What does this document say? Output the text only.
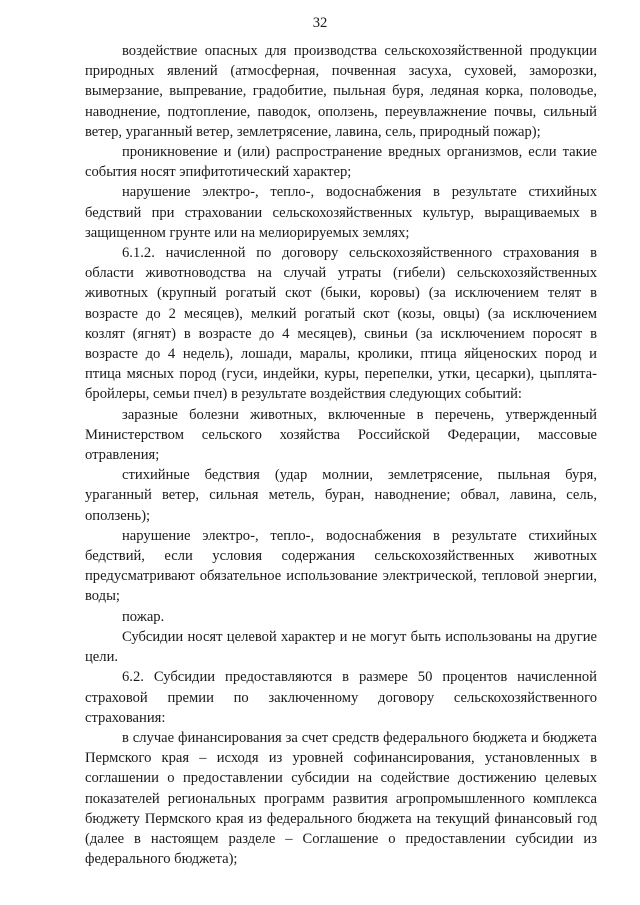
32

воздействие опасных для производства сельскохозяйственной продукции природных явлений (атмосферная, почвенная засуха, суховей, заморозки, вымерзание, выпревание, градобитие, пыльная буря, ледяная корка, половодье, наводнение, подтопление, паводок, оползень, переувлажнение почвы, сильный ветер, ураганный ветер, землетрясение, лавина, сель, природный пожар);

проникновение и (или) распространение вредных организмов, если такие события носят эпифитотический характер;

нарушение электро-, тепло-, водоснабжения в результате стихийных бедствий при страховании сельскохозяйственных культур, выращиваемых в защищенном грунте или на мелиорируемых землях;

6.1.2. начисленной по договору сельскохозяйственного страхования в области животноводства на случай утраты (гибели) сельскохозяйственных животных (крупный рогатый скот (быки, коровы) (за исключением телят в возрасте до 2 месяцев), мелкий рогатый скот (козы, овцы) (за исключением козлят (ягнят) в возрасте до 4 месяцев), свиньи (за исключением поросят в возрасте до 4 недель), лошади, маралы, кролики, птица яйценоских пород и птица мясных пород (гуси, индейки, куры, перепелки, утки, цесарки), цыплята-бройлеры, семьи пчел) в результате воздействия следующих событий:

заразные болезни животных, включенные в перечень, утвержденный Министерством сельского хозяйства Российской Федерации, массовые отравления;

стихийные бедствия (удар молнии, землетрясение, пыльная буря, ураганный ветер, сильная метель, буран, наводнение; обвал, лавина, сель, оползень);

нарушение электро-, тепло-, водоснабжения в результате стихийных бедствий, если условия содержания сельскохозяйственных животных предусматривают обязательное использование электрической, тепловой энергии, воды;

пожар.

Субсидии носят целевой характер и не могут быть использованы на другие цели.

6.2. Субсидии предоставляются в размере 50 процентов начисленной страховой премии по заключенному договору сельскохозяйственного страхования:

в случае финансирования за счет средств федерального бюджета и бюджета Пермского края – исходя из уровней софинансирования, установленных в соглашении о предоставлении субсидии на содействие достижению целевых показателей региональных программ развития агропромышленного комплекса бюджету Пермского края из федерального бюджета на текущий финансовый год (далее в настоящем разделе – Соглашение о предоставлении субсидии из федерального бюджета);
